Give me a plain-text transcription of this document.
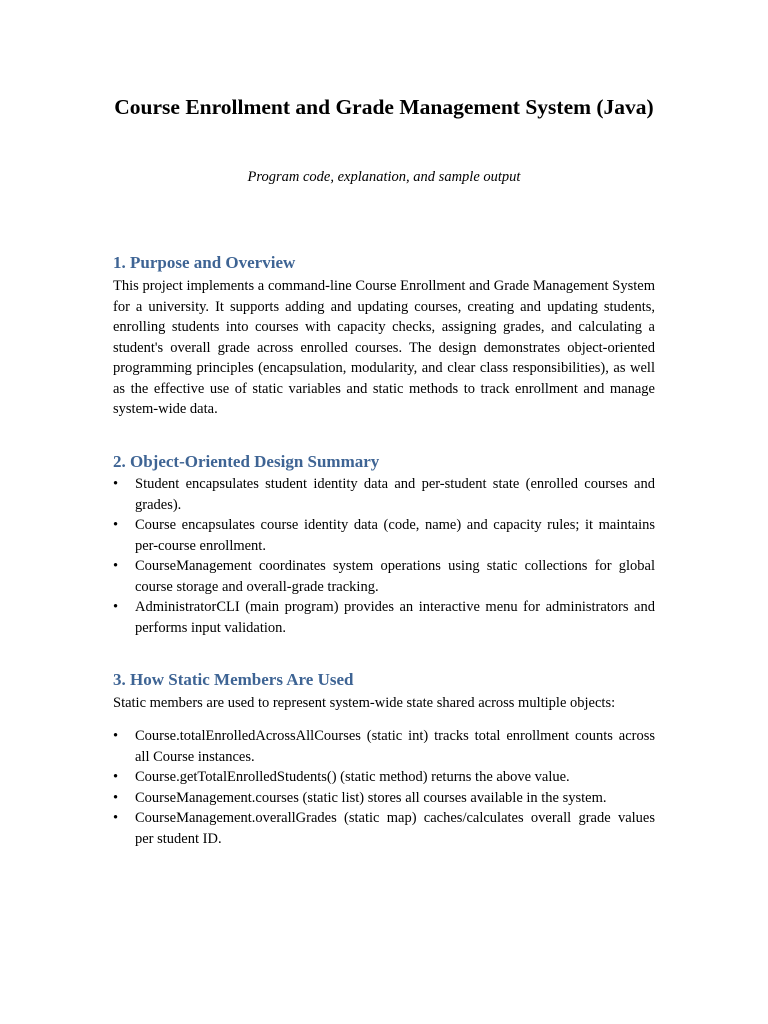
Course Enrollment and Grade Management System (Java)

Program code, explanation, and sample output

1. Purpose and Overview

This project implements a command-line Course Enrollment and Grade Management System for a university. It supports adding and updating courses, creating and updating students, enrolling students into courses with capacity checks, assigning grades, and calculating a student's overall grade across enrolled courses. The design demonstrates object-oriented programming principles (encapsulation, modularity, and clear class responsibilities), as well as the effective use of static variables and static methods to track enrollment and manage system-wide data.

2. Object-Oriented Design Summary
• Student encapsulates student identity data and per-student state (enrolled courses and grades).
• Course encapsulates course identity data (code, name) and capacity rules; it maintains per-course enrollment.
• CourseManagement coordinates system operations using static collections for global course storage and overall-grade tracking.
• AdministratorCLI (main program) provides an interactive menu for administrators and performs input validation.
3. How Static Members Are Used

Static members are used to represent system-wide state shared across multiple objects:

• Course.totalEnrolledAcrossAllCourses (static int) tracks total enrollment counts across all Course instances.
• Course.getTotalEnrolledStudents() (static method) returns the above value.
• CourseManagement.courses (static list) stores all courses available in the system.
• CourseManagement.overallGrades (static map) caches/calculates overall grade values per student ID.
